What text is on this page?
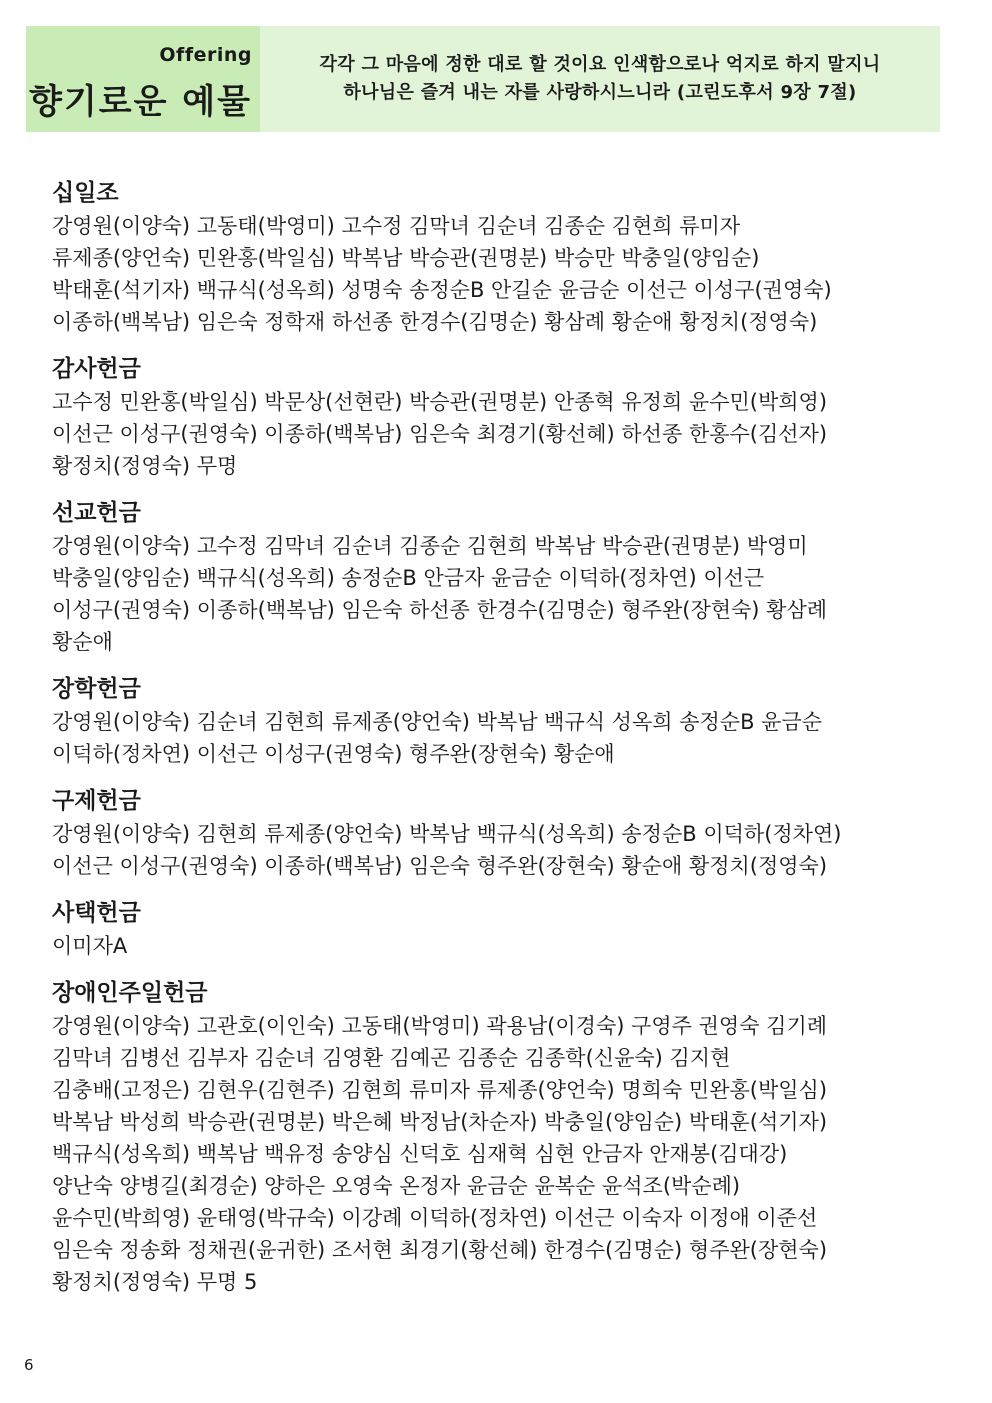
Offering
향기로운 예물
각각 그 마음에 정한 대로 할 것이요 인색함으로나 억지로 하지 말지니
하나님은 즐겨 내는 자를 사랑하시느니라 (고린도후서 9장 7절)
십일조
강영원(이양숙) 고동태(박영미) 고수정 김막녀 김순녀 김종순 김현희 류미자
류제종(양언숙) 민완홍(박일심) 박복남 박승관(권명분) 박승만 박충일(양임순)
박태훈(석기자) 백규식(성옥희) 성명숙 송정순B 안길순 윤금순 이선근 이성구(권영숙)
이종하(백복남) 임은숙 정학재 하선종 한경수(김명순) 황삼례 황순애 황정치(정영숙)
감사헌금
고수정 민완홍(박일심) 박문상(선현란) 박승관(권명분) 안종혁 유정희 윤수민(박희영)
이선근 이성구(권영숙) 이종하(백복남) 임은숙 최경기(황선혜) 하선종 한홍수(김선자)
황정치(정영숙) 무명
선교헌금
강영원(이양숙) 고수정 김막녀 김순녀 김종순 김현희 박복남 박승관(권명분) 박영미
박충일(양임순) 백규식(성옥희) 송정순B 안금자 윤금순 이덕하(정차연) 이선근
이성구(권영숙) 이종하(백복남) 임은숙 하선종 한경수(김명순) 형주완(장현숙) 황삼례
황순애
장학헌금
강영원(이양숙) 김순녀 김현희 류제종(양언숙) 박복남 백규식 성옥희 송정순B 윤금순
이덕하(정차연) 이선근 이성구(권영숙) 형주완(장현숙) 황순애
구제헌금
강영원(이양숙) 김현희 류제종(양언숙) 박복남 백규식(성옥희) 송정순B 이덕하(정차연)
이선근 이성구(권영숙) 이종하(백복남) 임은숙 형주완(장현숙) 황순애 황정치(정영숙)
사택헌금
이미자A
장애인주일헌금
강영원(이양숙) 고관호(이인숙) 고동태(박영미) 곽용남(이경숙) 구영주 권영숙 김기례
김막녀 김병선 김부자 김순녀 김영환 김예곤 김종순 김종학(신윤숙) 김지현
김충배(고정은) 김현우(김현주) 김현희 류미자 류제종(양언숙) 명희숙 민완홍(박일심)
박복남 박성희 박승관(권명분) 박은혜 박정남(차순자) 박충일(양임순) 박태훈(석기자)
백규식(성옥희) 백복남 백유정 송양심 신덕호 심재혁 심현 안금자 안재봉(김대강)
양난숙 양병길(최경순) 양하은 오영숙 온정자 윤금순 윤복순 윤석조(박순례)
윤수민(박희영) 윤태영(박규숙) 이강례 이덕하(정차연) 이선근 이숙자 이정애 이준선
임은숙 정송화 정채권(윤귀한) 조서현 최경기(황선혜) 한경수(김명순) 형주완(장현숙)
황정치(정영숙) 무명 5
6
